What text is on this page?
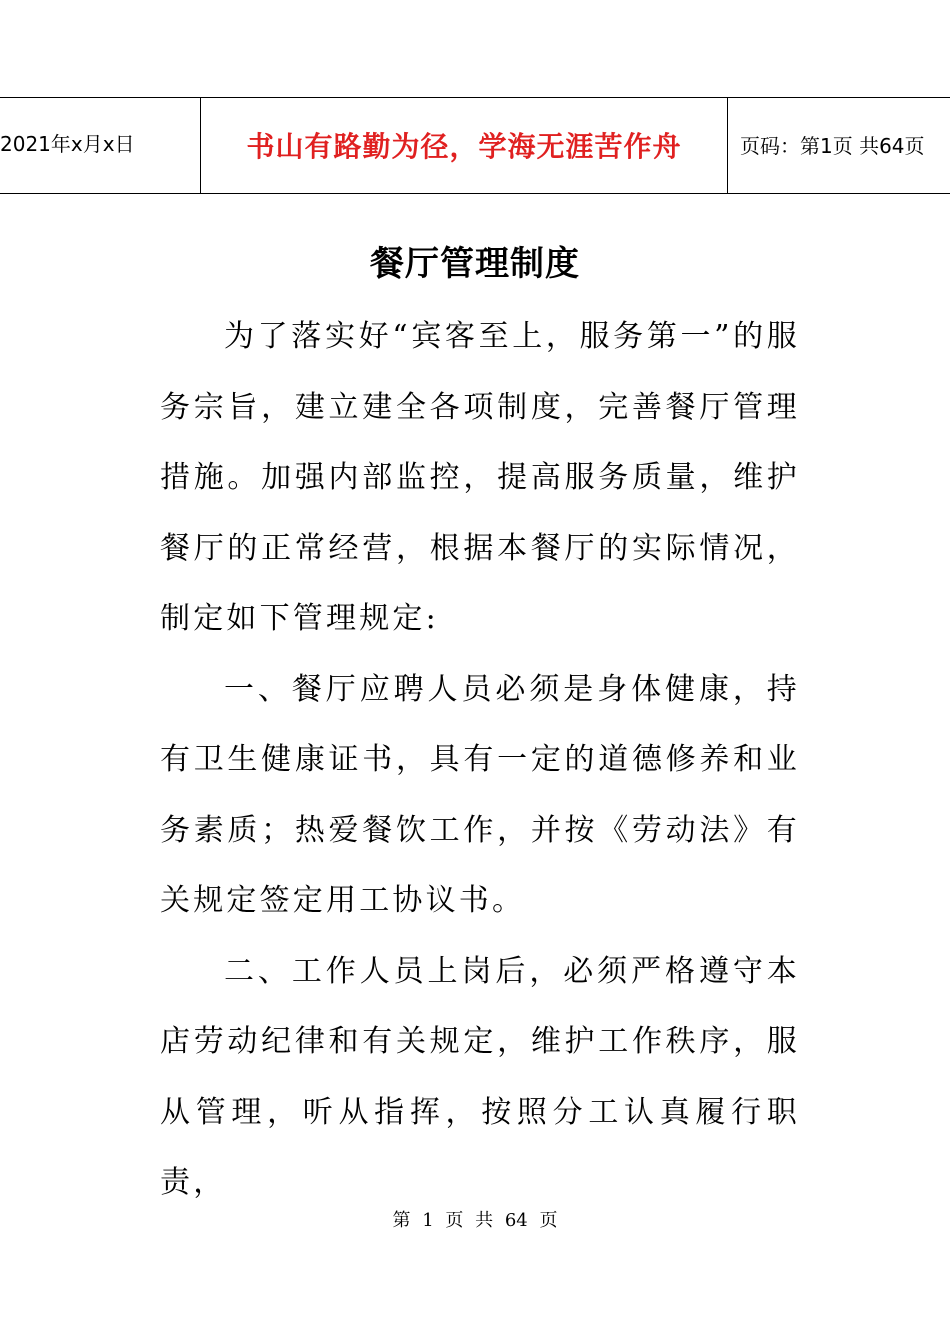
2021年x月x日	书山有路勤为径，学海无涯苦作舟	页码：第1页 共64页
餐厅管理制度

为了落实好“宾客至上，服务第一”的服务宗旨，建立建全各项制度，完善餐厅管理措施。加强内部监控，提高服务质量，维护餐厅的正常经营，根据本餐厅的实际情况，制定如下管理规定:

一、餐厅应聘人员必须是身体健康，持有卫生健康证书，具有一定的道德修养和业务素质；热爱餐饮工作，并按《劳动法》有关规定签定用工协议书。

二、工作人员上岗后，必须严格遵守本店劳动纪律和有关规定，维护工作秩序，服从管理，听从指挥，按照分工认真履行职责，

第 1 页 共 64 页
